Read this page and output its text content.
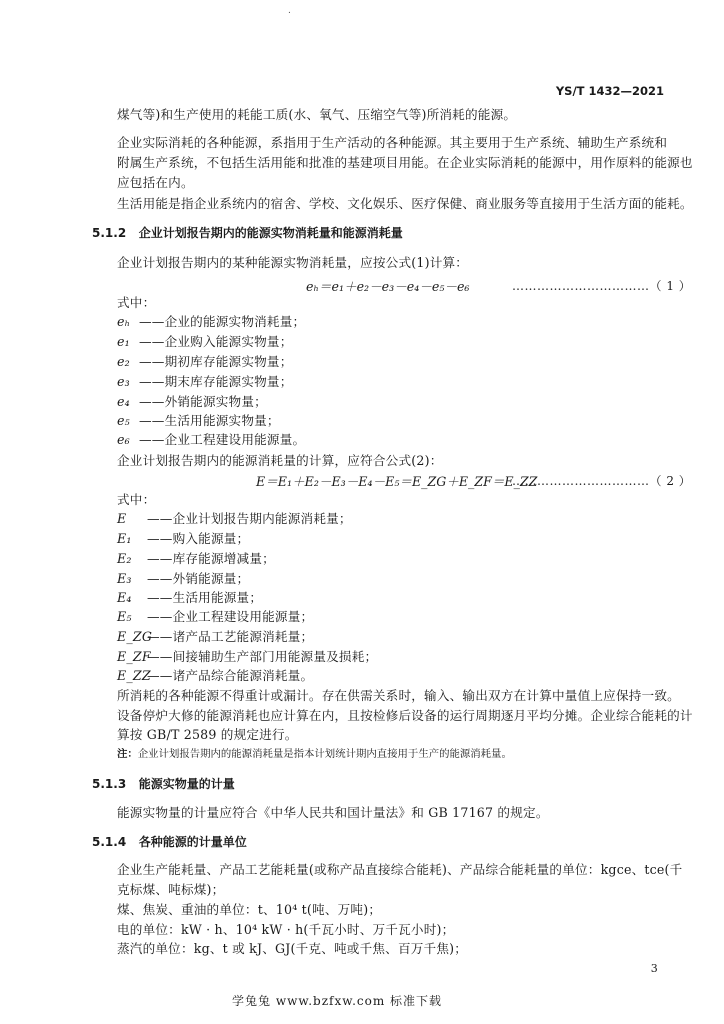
.
YS/T 1432—2021
煤气等)和生产使用的耗能工质(水、氧气、压缩空气等)所消耗的能源。
企业实际消耗的各种能源，系指用于生产活动的各种能源。其主要用于生产系统、辅助生产系统和
附属生产系统，不包括生活用能和批准的基建项目用能。在企业实际消耗的能源中，用作原料的能源也
应包括在内。
生活用能是指企业系统内的宿舍、学校、文化娱乐、医疗保健、商业服务等直接用于生活方面的能耗。
5.1.2 企业计划报告期内的能源实物消耗量和能源消耗量
企业计划报告期内的某种能源实物消耗量，应按公式(1)计算：
eₕ＝e₁＋e₂－e₃－e₄－e₅－e₆	……………………………（ 1 ）
式中：
eₕ ——企业的能源实物消耗量；
e₁ ——企业购入能源实物量；
e₂ ——期初库存能源实物量；
e₃ ——期末库存能源实物量；
e₄ ——外销能源实物量；
e₅ ——生活用能源实物量；
e₆ ——企业工程建设用能源量。
企业计划报告期内的能源消耗量的计算，应符合公式(2)：
E＝E₁＋E₂－E₃－E₄－E₅＝E_ZG＋E_ZF＝E_ZZ
……………………………（ 2 ）
式中：
E ——企业计划报告期内能源消耗量；
E₁ ——购入能源量；
E₂ ——库存能源增减量；
E₃ ——外销能源量；
E₄ ——生活用能源量；
E₅ ——企业工程建设用能源量；
E_ZG——诸产品工艺能源消耗量；
E_ZF——间接辅助生产部门用能源量及损耗；
E_ZZ——诸产品综合能源消耗量。
所消耗的各种能源不得重计或漏计。存在供需关系时，输入、输出双方在计算中量值上应保持一致。
设备停炉大修的能源消耗也应计算在内，且按检修后设备的运行周期逐月平均分摊。企业综合能耗的计
算按 GB/T 2589 的规定进行。
注：企业计划报告期内的能源消耗量是指本计划统计期内直接用于生产的能源消耗量。
5.1.3 能源实物量的计量
能源实物量的计量应符合《中华人民共和国计量法》和 GB 17167 的规定。
5.1.4 各种能源的计量单位
企业生产能耗量、产品工艺能耗量(或称产品直接综合能耗)、产品综合能耗量的单位：kgce、tce(千
克标煤、吨标煤)；
煤、焦炭、重油的单位：t、10⁴ t(吨、万吨)；
电的单位：kW · h、10⁴ kW · h(千瓦小时、万千瓦小时)；
蒸汽的单位：kg、t 或 kJ、GJ(千克、吨或千焦、百万千焦)；
3
学兔兔 www.bzfxw.com 标准下载
